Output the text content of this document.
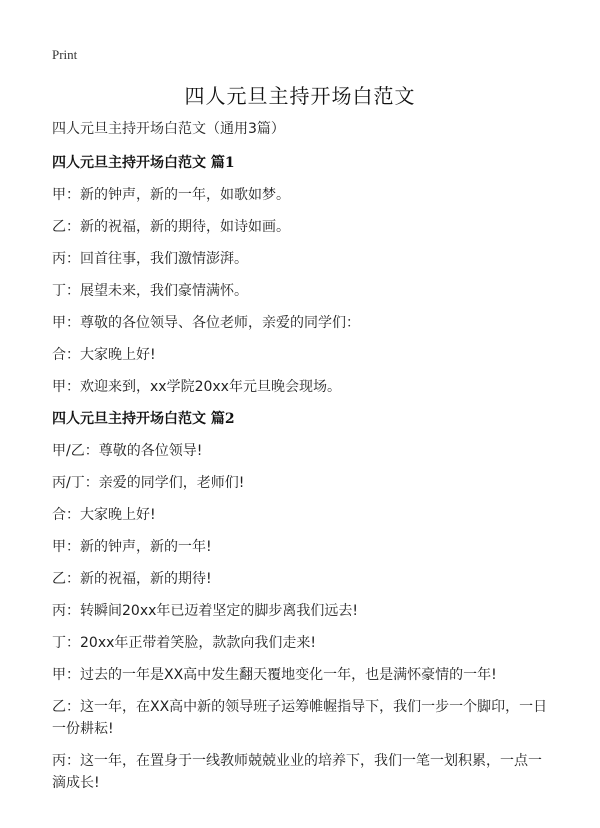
Print
四人元旦主持开场白范文
四人元旦主持开场白范文（通用3篇）
四人元旦主持开场白范文 篇1
甲：新的钟声，新的一年，如歌如梦。
乙：新的祝福，新的期待，如诗如画。
丙：回首往事，我们激情澎湃。
丁：展望未来，我们豪情满怀。
甲：尊敬的各位领导、各位老师，亲爱的同学们：
合：大家晚上好!
甲：欢迎来到，xx学院20xx年元旦晚会现场。
四人元旦主持开场白范文 篇2
甲/乙：尊敬的各位领导!
丙/丁：亲爱的同学们，老师们!
合：大家晚上好!
甲：新的钟声，新的一年!
乙：新的祝福，新的期待!
丙：转瞬间20xx年已迈着坚定的脚步离我们远去!
丁：20xx年正带着笑脸，款款向我们走来!
甲：过去的一年是XX高中发生翻天覆地变化一年，也是满怀豪情的一年!
乙：这一年，在XX高中新的领导班子运筹帷幄指导下，我们一步一个脚印，一日一份耕耘!
丙：这一年，在置身于一线教师兢兢业业的培养下，我们一笔一划积累，一点一滴成长!
